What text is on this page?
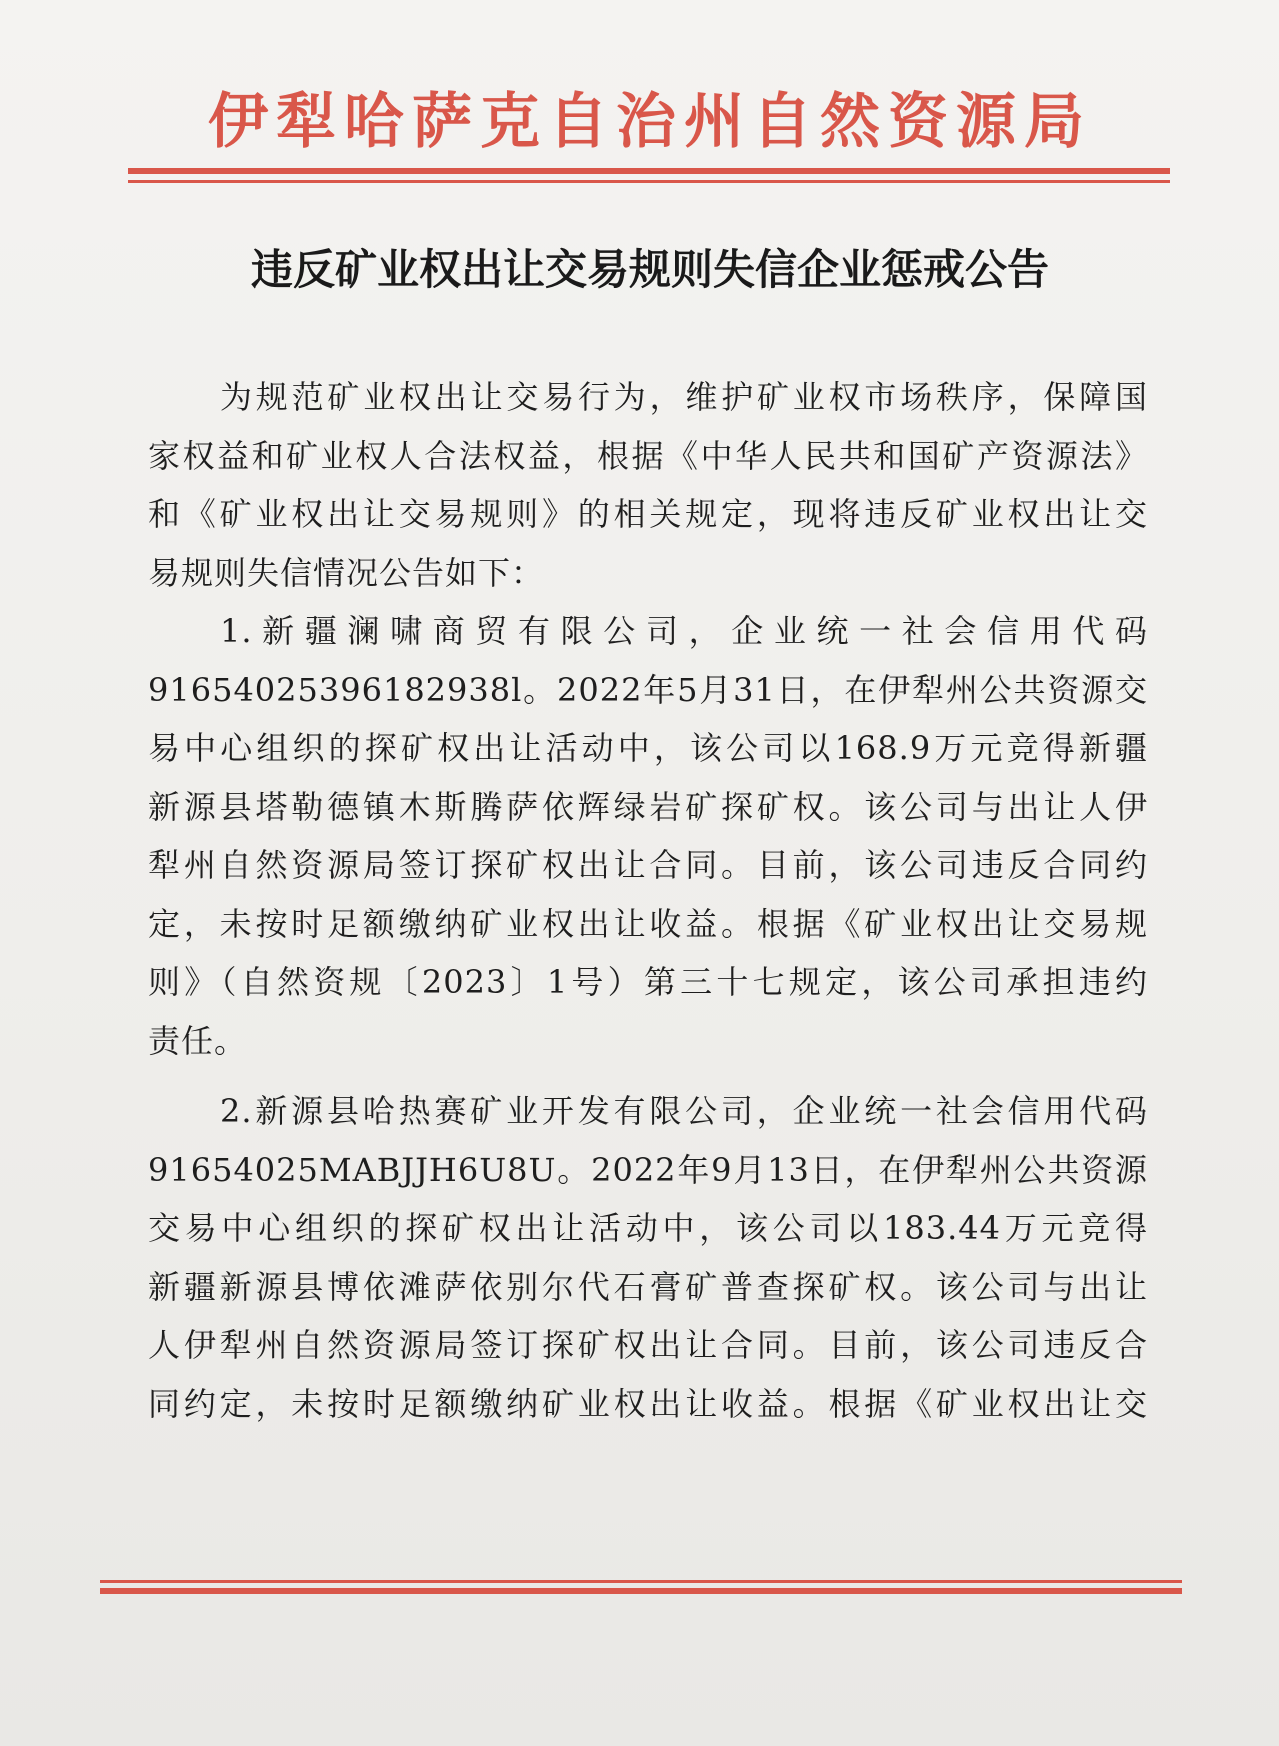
伊犁哈萨克自治州自然资源局
违反矿业权出让交易规则失信企业惩戒公告
为规范矿业权出让交易行为，维护矿业权市场秩序，保障国
家权益和矿业权人合法权益，根据《中华人民共和国矿产资源法》
和《矿业权出让交易规则》的相关规定，现将违反矿业权出让交
易规则失信情况公告如下：
1.新疆澜啸商贸有限公司，企业统一社会信用代码
91654025396182938l。2022年5月31日，在伊犁州公共资源交
易中心组织的探矿权出让活动中，该公司以168.9万元竞得新疆
新源县塔勒德镇木斯腾萨依辉绿岩矿探矿权。该公司与出让人伊
犁州自然资源局签订探矿权出让合同。目前，该公司违反合同约
定，未按时足额缴纳矿业权出让收益。根据《矿业权出让交易规
则》（自然资规〔2023〕1号）第三十七规定，该公司承担违约
责任。
2.新源县哈热赛矿业开发有限公司，企业统一社会信用代码
91654025MABJJH6U8U。2022年9月13日，在伊犁州公共资源
交易中心组织的探矿权出让活动中，该公司以183.44万元竞得
新疆新源县博依滩萨依别尔代石膏矿普查探矿权。该公司与出让
人伊犁州自然资源局签订探矿权出让合同。目前，该公司违反合
同约定，未按时足额缴纳矿业权出让收益。根据《矿业权出让交
